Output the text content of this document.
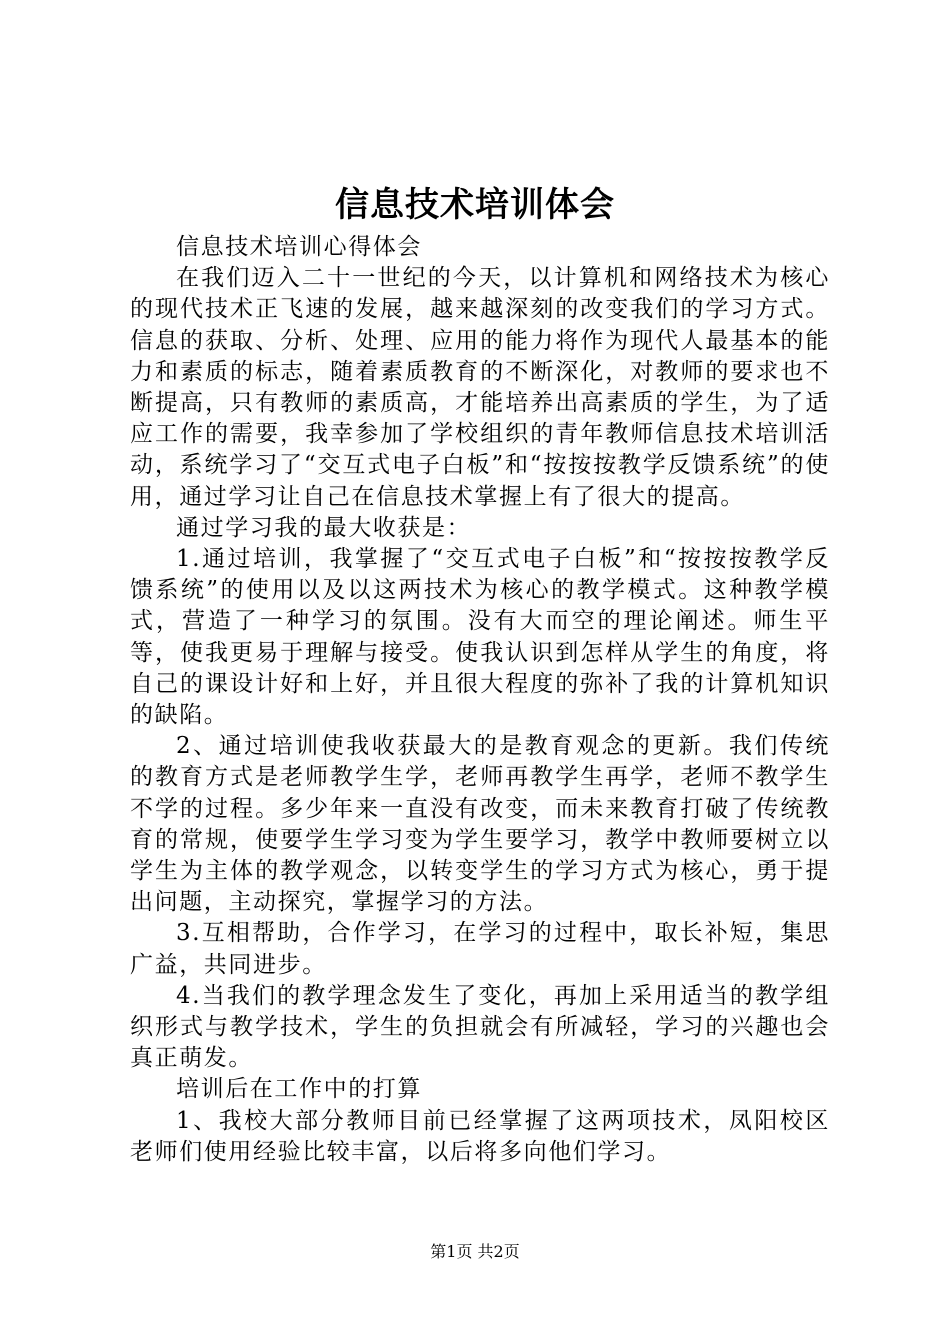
信息技术培训体会

信息技术培训心得体会

在我们迈入二十一世纪的今天，以计算机和网络技术为核心的现代技术正飞速的发展，越来越深刻的改变我们的学习方式。信息的获取、分析、处理、应用的能力将作为现代人最基本的能力和素质的标志，随着素质教育的不断深化，对教师的要求也不断提高，只有教师的素质高，才能培养出高素质的学生，为了适应工作的需要，我幸参加了学校组织的青年教师信息技术培训活动，系统学习了“交互式电子白板”和“按按按教学反馈系统”的使用，通过学习让自己在信息技术掌握上有了很大的提高。

通过学习我的最大收获是：

1.通过培训，我掌握了“交互式电子白板”和“按按按教学反馈系统”的使用以及以这两技术为核心的教学模式。这种教学模式，营造了一种学习的氛围。没有大而空的理论阐述。师生平等，使我更易于理解与接受。使我认识到怎样从学生的角度，将自己的课设计好和上好，并且很大程度的弥补了我的计算机知识的缺陷。

2、通过培训使我收获最大的是教育观念的更新。我们传统的教育方式是老师教学生学，老师再教学生再学，老师不教学生不学的过程。多少年来一直没有改变，而未来教育打破了传统教育的常规，使要学生学习变为学生要学习，教学中教师要树立以学生为主体的教学观念，以转变学生的学习方式为核心，勇于提出问题，主动探究，掌握学习的方法。

3.互相帮助，合作学习，在学习的过程中，取长补短，集思广益，共同进步。

4.当我们的教学理念发生了变化，再加上采用适当的教学组织形式与教学技术，学生的负担就会有所减轻，学习的兴趣也会真正萌发。

培训后在工作中的打算

1、我校大部分教师目前已经掌握了这两项技术，凤阳校区老师们使用经验比较丰富，以后将多向他们学习。

第1页 共2页
